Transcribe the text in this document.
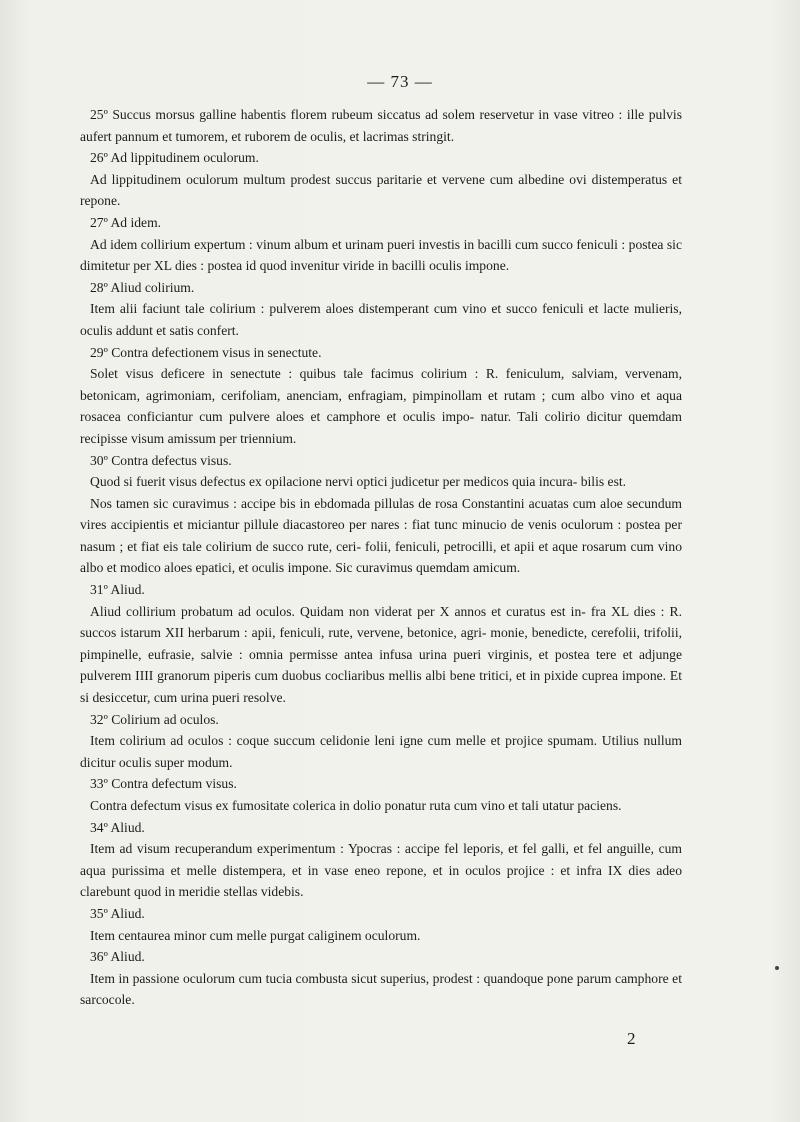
— 73 —

25º Succus morsus galline habentis florem rubeum siccatus ad solem reservetur in vase vitreo : ille pulvis aufert pannum et tumorem, et ruborem de oculis, et lacrimas stringit.

26º Ad lippitudinem oculorum.

Ad lippitudinem oculorum multum prodest succus paritarie et vervene cum albedine ovi distemperatus et repone.

27º Ad idem.

Ad idem collirium expertum : vinum album et urinam pueri investis in bacilli cum succo feniculi : postea sic dimitetur per XL dies : postea id quod invenitur viride in bacilli oculis impone.

28º Aliud colirium.

Item alii faciunt tale colirium : pulverem aloes distemperant cum vino et succo feniculi et lacte mulieris, oculis addunt et satis confert.

29º Contra defectionem visus in senectute.

Solet visus deficere in senectute : quibus tale facimus colirium : R. feniculum, salviam, vervenam, betonicam, agrimoniam, cerifoliam, anenciam, enfragiam, pimpinollam et rutam ; cum albo vino et aqua rosacea conficiantur cum pulvere aloes et camphore et oculis impo- natur. Tali colirio dicitur quemdam recipisse visum amissum per triennium.

30º Contra defectus visus.

Quod si fuerit visus defectus ex opilacione nervi optici judicetur per medicos quia incura- bilis est.

Nos tamen sic curavimus : accipe bis in ebdomada pillulas de rosa Constantini acuatas cum aloe secundum vires accipientis et miciantur pillule diacastoreo per nares : fiat tunc minucio de venis oculorum : postea per nasum ; et fiat eis tale colirium de succo rute, ceri- folii, feniculi, petrocilli, et apii et aque rosarum cum vino albo et modico aloes epatici, et oculis impone. Sic curavimus quemdam amicum.

31º Aliud.

Aliud collirium probatum ad oculos. Quidam non viderat per X annos et curatus est in- fra XL dies : R. succos istarum XII herbarum : apii, feniculi, rute, vervene, betonice, agri- monie, benedicte, cerefolii, trifolii, pimpinelle, eufrasie, salvie : omnia permisse antea infusa urina pueri virginis, et postea tere et adjunge pulverem IIII granorum piperis cum duobus cocliaribus mellis albi bene tritici, et in pixide cuprea impone. Et si desiccetur, cum urina pueri resolve.

32º Colirium ad oculos.

Item colirium ad oculos : coque succum celidonie leni igne cum melle et projice spumam. Utilius nullum dicitur oculis super modum.

33º Contra defectum visus.

Contra defectum visus ex fumositate colerica in dolio ponatur ruta cum vino et tali utatur paciens.

34º Aliud.

Item ad visum recuperandum experimentum : Ypocras : accipe fel leporis, et fel galli, et fel anguille, cum aqua purissima et melle distempera, et in vase eneo repone, et in oculos projice : et infra IX dies adeo clarebunt quod in meridie stellas videbis.

35º Aliud.

Item centaurea minor cum melle purgat caliginem oculorum.

36º Aliud.

Item in passione oculorum cum tucia combusta sicut superius, prodest : quandoque pone parum camphore et sarcocole.

2
